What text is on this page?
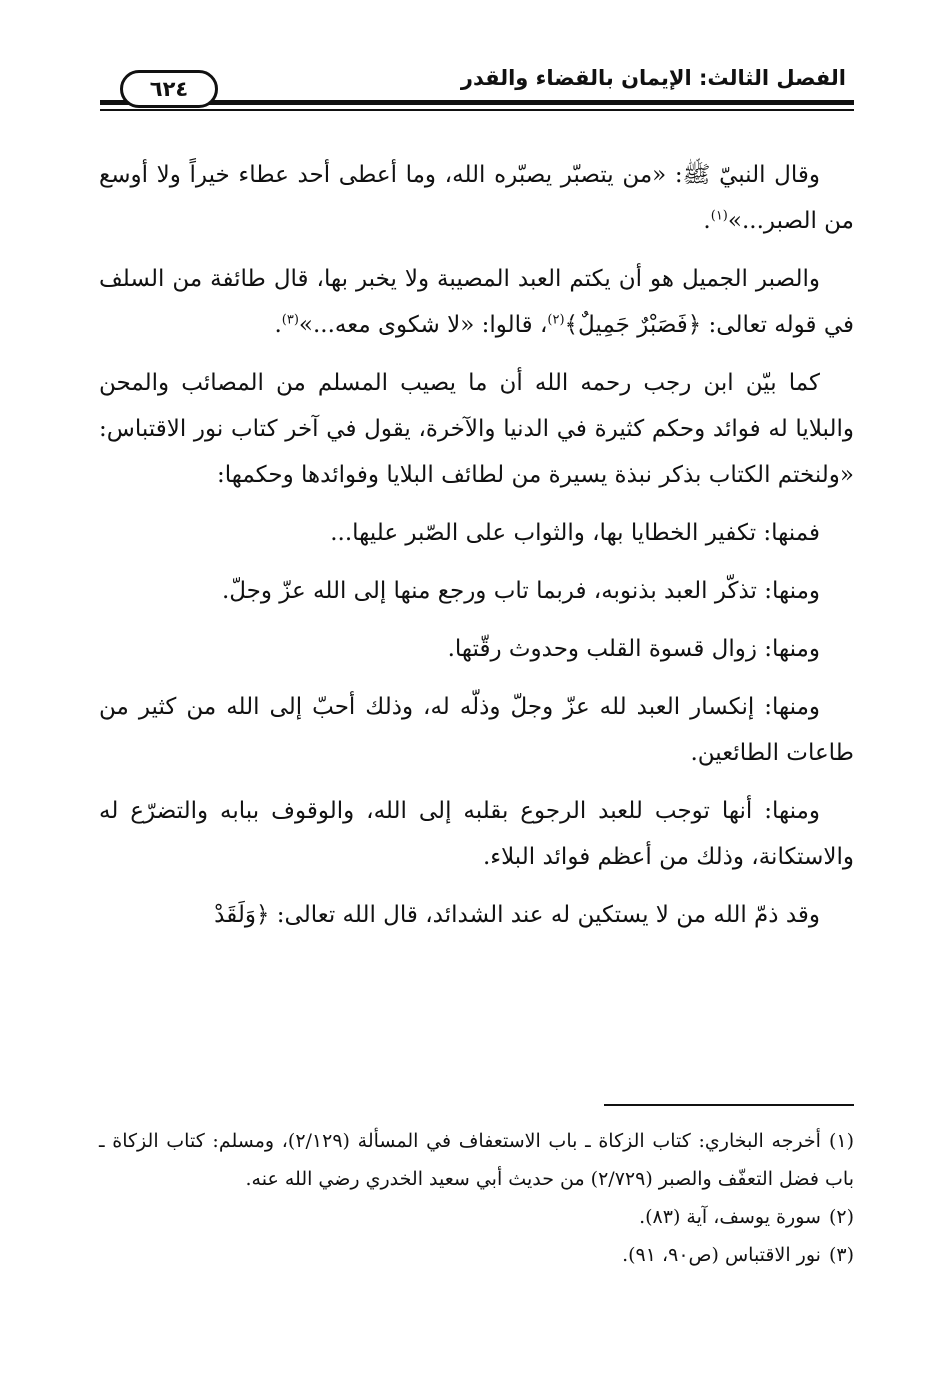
الفصل الثالث: الإيمان بالقضاء والقدر
٦٢٤

وقال النبيّ ﷺ: «من يتصبّر يصبّره الله، وما أعطى أحد عطاء خيراً ولا أوسع من الصبر...»$^{(١)}$.

والصبر الجميل هو أن يكتم العبد المصيبة ولا يخبر بها، قال طائفة من السلف في قوله تعالى: ﴿فَصَبْرٌ جَمِيلٌ﴾$^{(٢)}$، قالوا: «لا شكوى معه...»$^{(٣)}$.

كما بيّن ابن رجب رحمه الله أن ما يصيب المسلم من المصائب والمحن والبلايا له فوائد وحكم كثيرة في الدنيا والآخرة، يقول في آخر كتاب نور الاقتباس: «ولنختم الكتاب بذكر نبذة يسيرة من لطائف البلايا وفوائدها وحكمها:

فمنها: تكفير الخطايا بها، والثواب على الصّبر عليها...

ومنها: تذكّر العبد بذنوبه، فربما تاب ورجع منها إلى الله عزّ وجلّ.

ومنها: زوال قسوة القلب وحدوث رقّتها.

ومنها: إنكسار العبد لله عزّ وجلّ وذلّه له، وذلك أحبّ إلى الله من كثير من طاعات الطائعين.

ومنها: أنها توجب للعبد الرجوع بقلبه إلى الله، والوقوف ببابه والتضرّع له والاستكانة، وذلك من أعظم فوائد البلاء.

وقد ذمّ الله من لا يستكين له عند الشدائد، قال الله تعالى: ﴿وَلَقَدْ

(١)أخرجه البخاري: كتاب الزكاة ـ باب الاستعفاف في المسألة (٢/١٢٩)، ومسلم: كتاب الزكاة ـ باب فضل التعفّف والصبر (٢/٧٢٩) من حديث أبي سعيد الخدري رضي الله عنه.

(٢)سورة يوسف، آية (٨٣).

(٣)نور الاقتباس (ص٩٠، ٩١).
